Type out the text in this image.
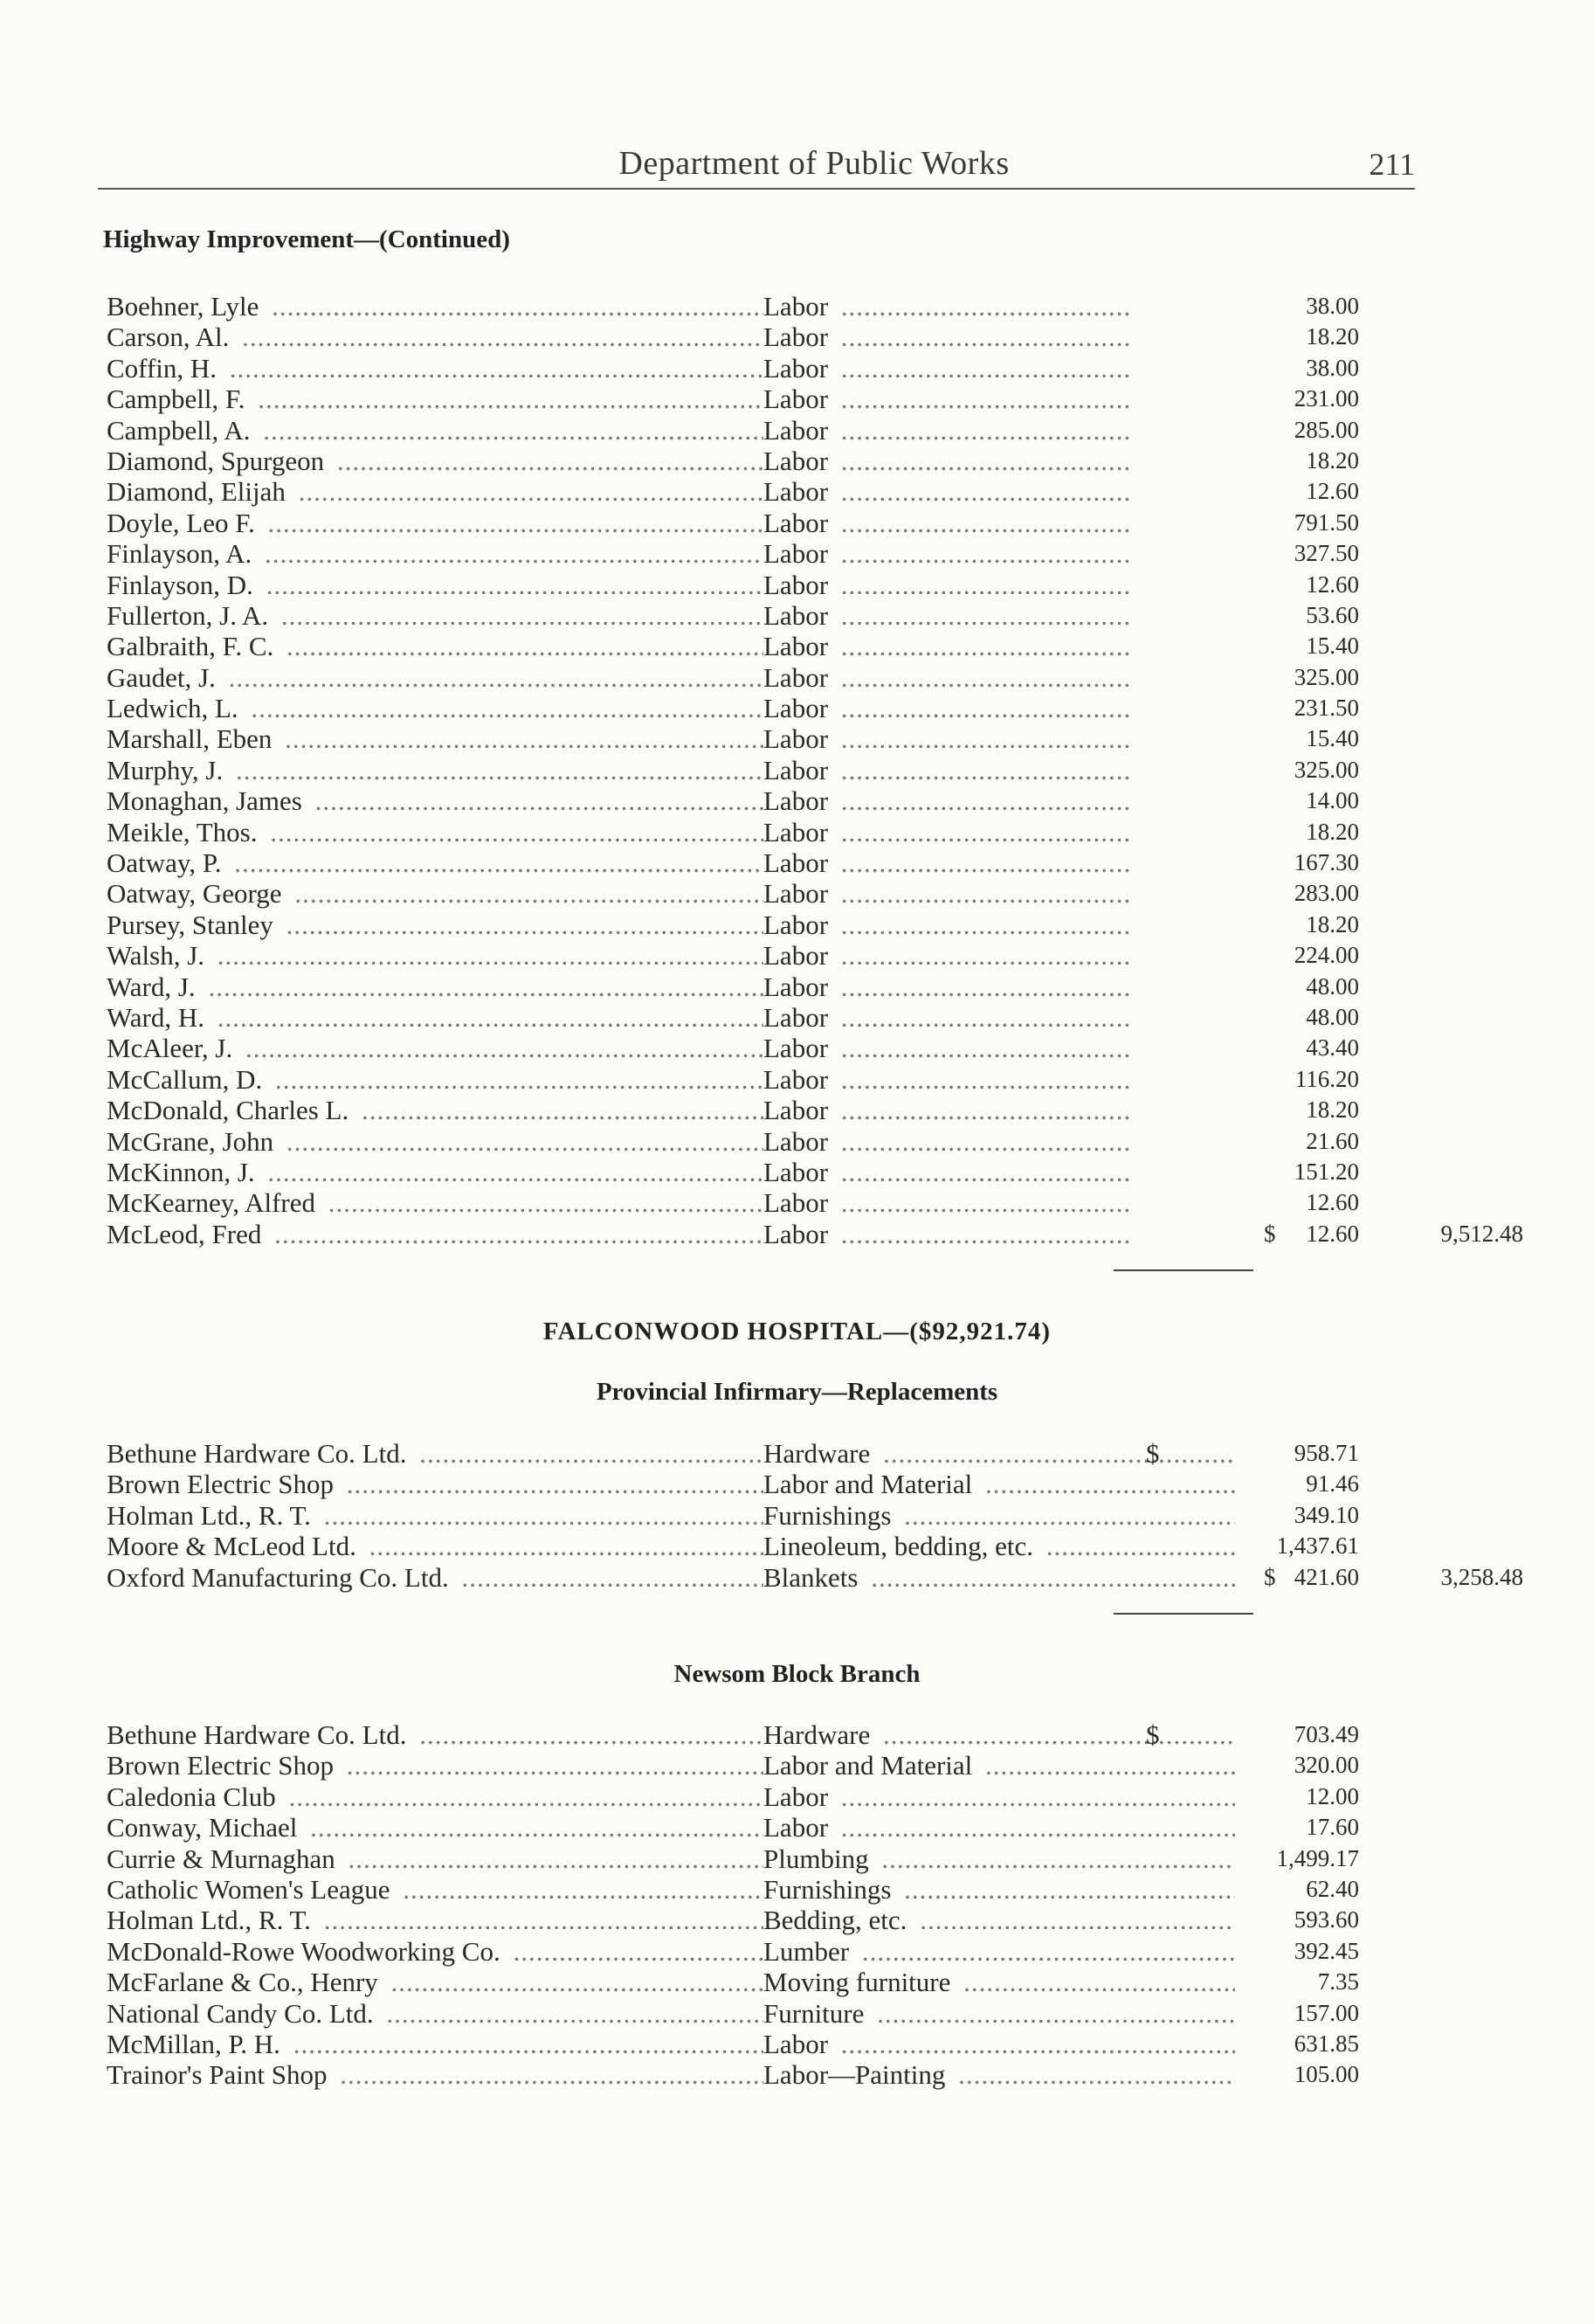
Department of Public Works	211
Highway Improvement—(Continued)
Boehner, Lyle .....	Labor .....	38.00
Carson, Al. .....	Labor .....	18.20
Coffin, H. .....	Labor .....	38.00
Campbell, F. .....	Labor .....	231.00
Campbell, A. .....	Labor .....	285.00
Diamond, Spurgeon .....	Labor .....	18.20
Diamond, Elijah .....	Labor .....	12.60
Doyle, Leo F. .....	Labor .....	791.50
Finlayson, A. .....	Labor .....	327.50
Finlayson, D. .....	Labor .....	12.60
Fullerton, J. A. .....	Labor .....	53.60
Galbraith, F. C. .....	Labor .....	15.40
Gaudet, J. .....	Labor .....	325.00
Ledwich, L. .....	Labor .....	231.50
Marshall, Eben .....	Labor .....	15.40
Murphy, J. .....	Labor .....	325.00
Monaghan, James .....	Labor .....	14.00
Meikle, Thos. .....	Labor .....	18.20
Oatway, P. .....	Labor .....	167.30
Oatway, George .....	Labor .....	283.00
Pursey, Stanley .....	Labor .....	18.20
Walsh, J. .....	Labor .....	224.00
Ward, J. .....	Labor .....	48.00
Ward, H. .....	Labor .....	48.00
McAleer, J. .....	Labor .....	43.40
McCallum, D. .....	Labor .....	116.20
McDonald, Charles L. .....	Labor .....	18.20
McGrane, John .....	Labor .....	21.60
McKinnon, J. .....	Labor .....	151.20
McKearney, Alfred .....	Labor .....	12.60
McLeod, Fred .....	Labor .....	12.60
$	9,512.48
FALCONWOOD HOSPITAL—($92,921.74)
Provincial Infirmary—Replacements
Bethune Hardware Co. Ltd. .....	Hardware .....	$	958.71
Brown Electric Shop .....	Labor and Material .....	91.46
Holman Ltd., R. T. .....	Furnishings .....	349.10
Moore & McLeod Ltd. .....	Lineoleum, bedding, etc. .....	1,437.61
Oxford Manufacturing Co. Ltd. .....	Blankets .....	421.60
$	3,258.48
Newsom Block Branch
Bethune Hardware Co. Ltd. .....	Hardware .....	$	703.49
Brown Electric Shop .....	Labor and Material .....	320.00
Caledonia Club .....	Labor .....	12.00
Conway, Michael .....	Labor .....	17.60
Currie & Murnaghan .....	Plumbing .....	1,499.17
Catholic Women's League .....	Furnishings .....	62.40
Holman Ltd., R. T. .....	Bedding, etc. .....	593.60
McDonald-Rowe Woodworking Co. .....	Lumber .....	392.45
McFarlane & Co., Henry .....	Moving furniture .....	7.35
National Candy Co. Ltd. .....	Furniture .....	157.00
McMillan, P. H. .....	Labor .....	631.85
Trainor's Paint Shop .....	Labor—Painting .....	105.00
